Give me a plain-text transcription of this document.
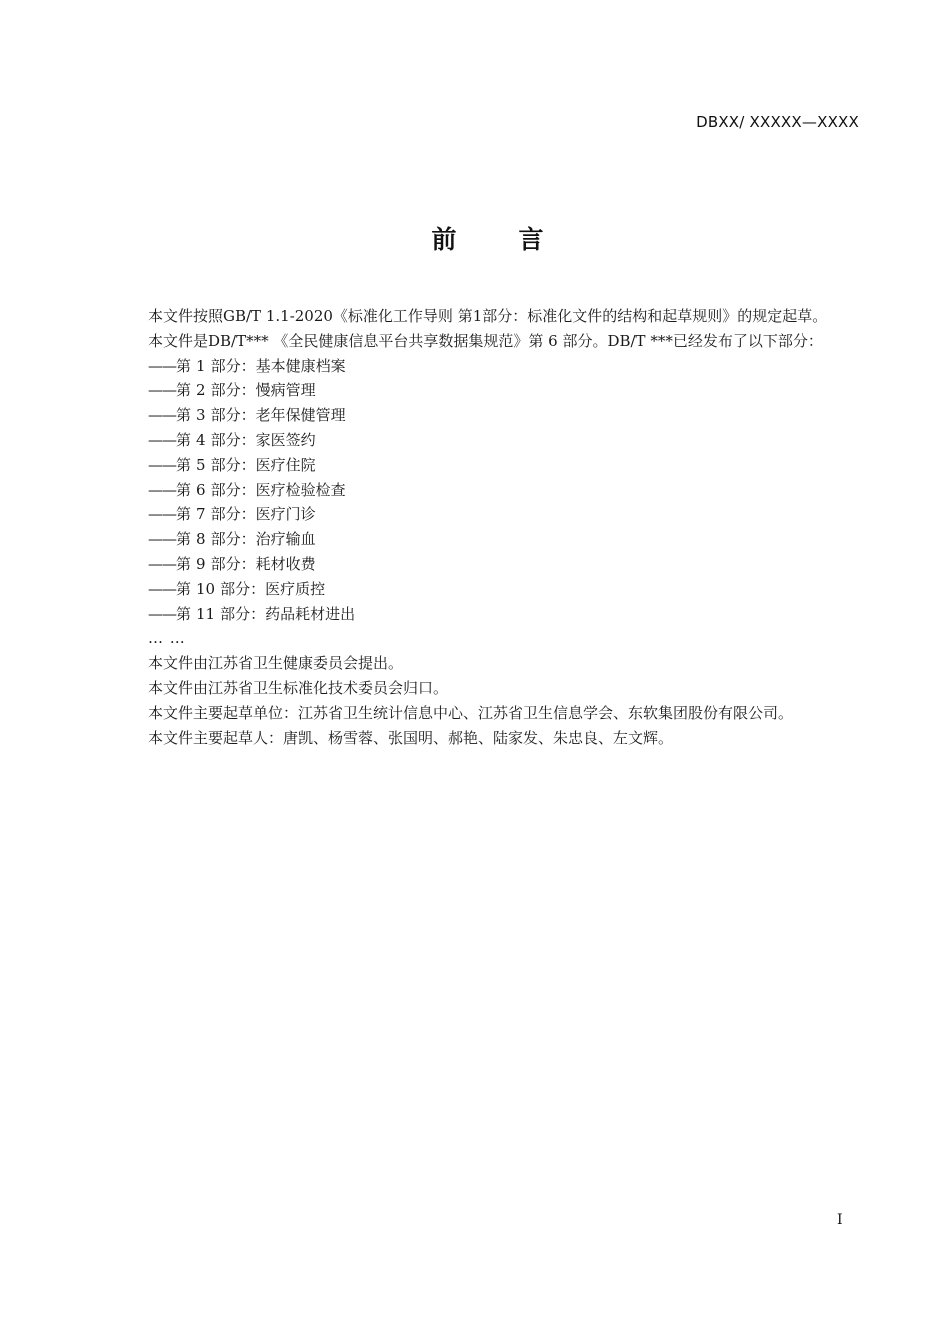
DBXX/ XXXXX—XXXX
前 言

本文件按照GB/T 1.1-2020《标准化工作导则 第1部分：标准化文件的结构和起草规则》的规定起草。

本文件是DB/T*** 《全民健康信息平台共享数据集规范》第 6 部分。DB/T ***已经发布了以下部分：

——第 1 部分：基本健康档案
——第 2 部分：慢病管理
——第 3 部分：老年保健管理
——第 4 部分：家医签约
——第 5 部分：医疗住院
——第 6 部分：医疗检验检查
——第 7 部分：医疗门诊
——第 8 部分：治疗输血
——第 9 部分：耗材收费
——第 10 部分：医疗质控
——第 11 部分：药品耗材进出

… …

本文件由江苏省卫生健康委员会提出。

本文件由江苏省卫生标准化技术委员会归口。

本文件主要起草单位：江苏省卫生统计信息中心、江苏省卫生信息学会、东软集团股份有限公司。

本文件主要起草人：唐凯、杨雪蓉、张国明、郝艳、陆家发、朱忠良、左文辉。

I
